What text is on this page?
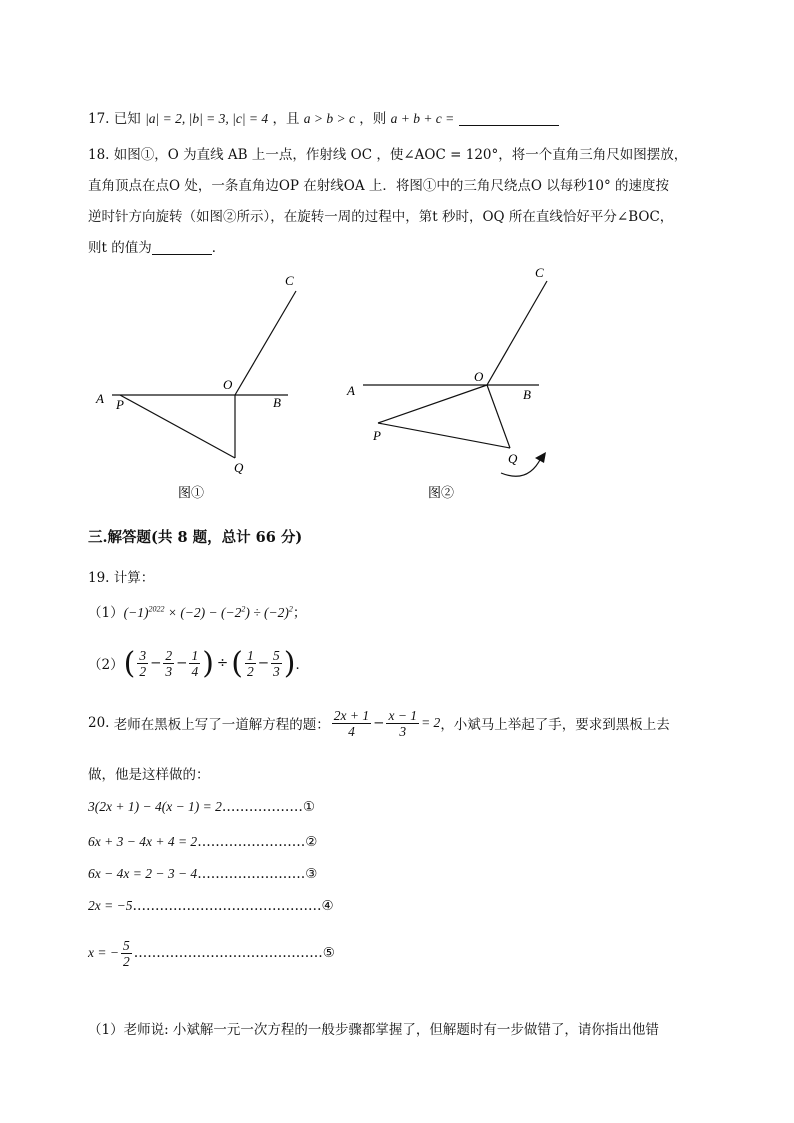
17. 已知 |a| = 2, |b| = 3, |c| = 4 ，且 a > b > c ，则 a + b + c =
18. 如图①，O 为直线 AB 上一点，作射线 OC ，使∠AOC = 120°，将一个直角三角尺如图摆放，
直角顶点在点O 处，一条直角边OP 在射线OA 上．将图①中的三角尺绕点O 以每秒10° 的速度按
逆时针方向旋转（如图②所示），在旋转一周的过程中，第t 秒时，OQ 所在直线恰好平分∠BOC，
则t 的值为	．
C
O
A P	B
Q
图①
C
O
A
P
B
Q
图②
三.解答题(共 8 题，总计 66 分)
19. 计算：
$(1)(-1)^{2022} \times (-2) - (-2^2) \div (-2)^2$；
（2） ( $\frac{3}{2} - \frac{2}{3} - \frac{1}{4}$ ) ÷ ( $\frac{1}{2} - \frac{5}{3}$ ) ．
20.
老师在黑板上写了一道解方程的题： $\frac{2x + 1}{4} - \frac{x - 1}{3} = 2$ ，小斌马上举起了手，要求到黑板上去
做，他是这样做的：
3(2x + 1) − 4(x − 1) = 2………………①
6x + 3 − 4x + 4 = 2……………………②
6x − 4x = 2 − 3 − 4……………………③
2x = −5……………………………………④
x = − $\frac{5}{2}$ …………………………………… ⑤
（1）老师说: 小斌解一元一次方程的一般步骤都掌握了，但解题时有一步做错了，请你指出他错
